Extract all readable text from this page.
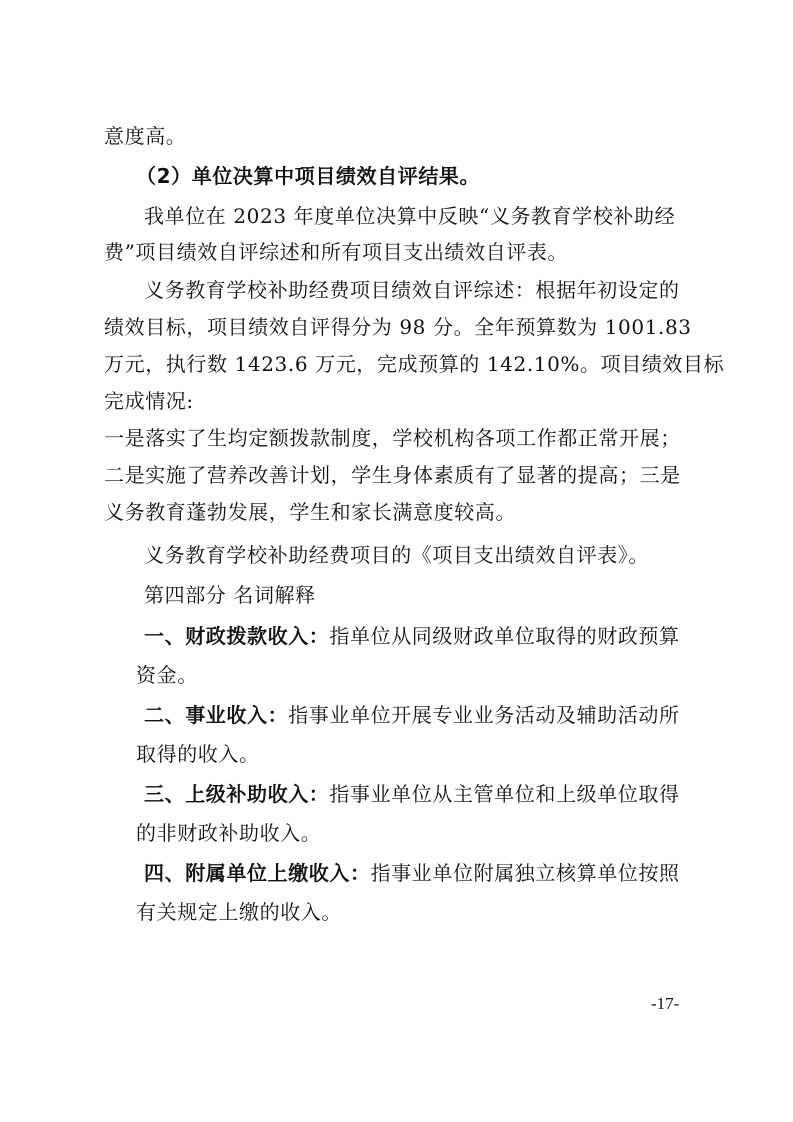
意度高。
（2）单位决算中项目绩效自评结果。
我单位在 2023 年度单位决算中反映“义务教育学校补助经
费”项目绩效自评综述和所有项目支出绩效自评表。
义务教育学校补助经费项目绩效自评综述：根据年初设定的
绩效目标，项目绩效自评得分为 98 分。全年预算数为 1001.83
万元，执行数 1423.6 万元，完成预算的 142.10%。项目绩效目标
完成情况:
一是落实了生均定额拨款制度，学校机构各项工作都正常开展；
二是实施了营养改善计划，学生身体素质有了显著的提高；三是
义务教育蓬勃发展，学生和家长满意度较高。
义务教育学校补助经费项目的《项目支出绩效自评表》。
第四部分 名词解释
一、财政拨款收入：指单位从同级财政单位取得的财政预算
资金。
二、事业收入：指事业单位开展专业业务活动及辅助活动所
取得的收入。
三、上级补助收入：指事业单位从主管单位和上级单位取得
的非财政补助收入。
四、附属单位上缴收入：指事业单位附属独立核算单位按照
有关规定上缴的收入。
-17-
